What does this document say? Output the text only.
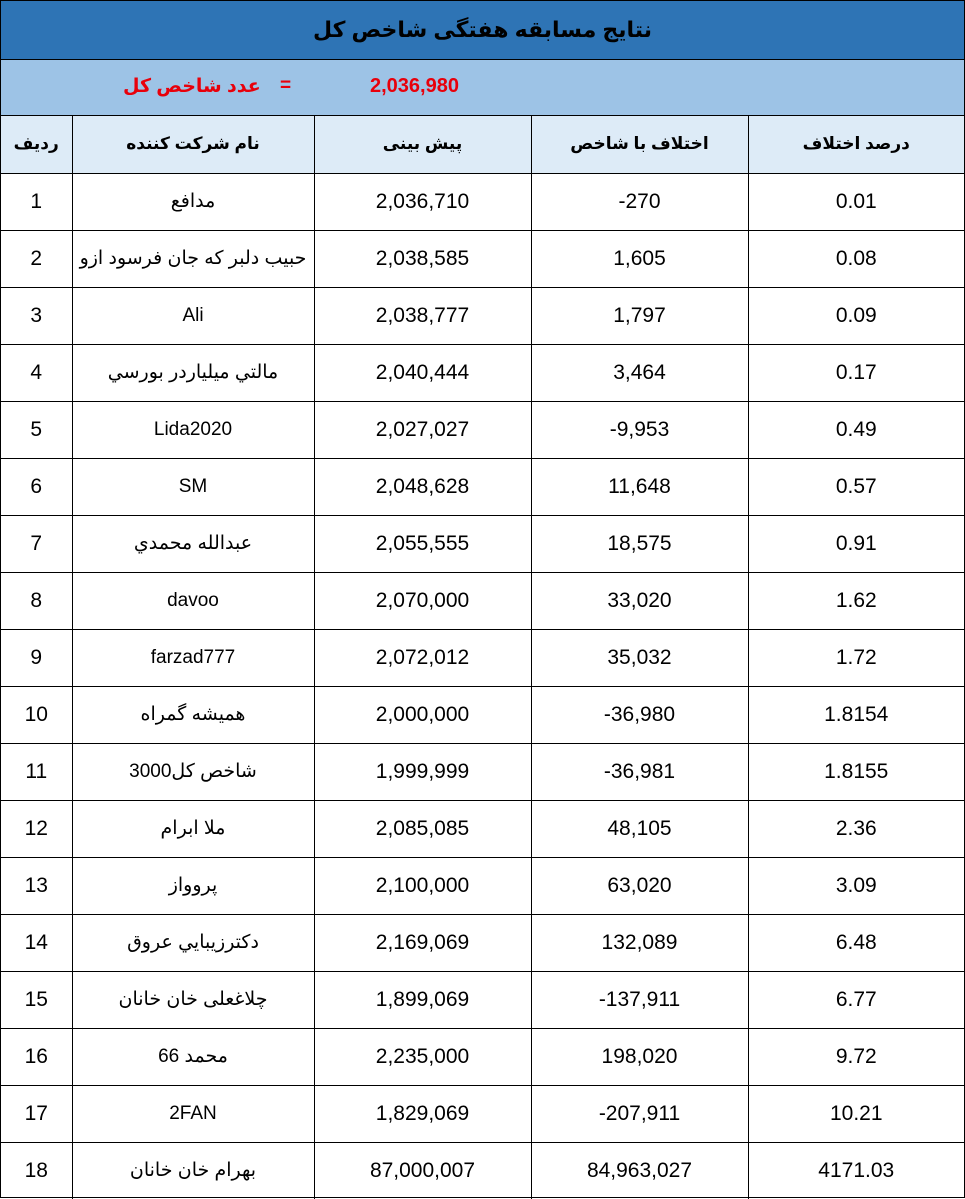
نتایج مسابقه هفتگی شاخص کل
عدد شاخص کل =	2,036,980
ردیف	نام شرکت کننده	پیش بینی	اختلاف با شاخص	درصد اختلاف
1	مدافع	2,036,710	-270	0.01
2	حبيب دلبر كه جان فرسود ازو	2,038,585	1,605	0.08
3	Ali	2,038,777	1,797	0.09
4	مالتي ميلياردر بورسي	2,040,444	3,464	0.17
5	Lida2020	2,027,027	-9,953	0.49
6	SM	2,048,628	11,648	0.57
7	عبدالله محمدي	2,055,555	18,575	0.91
8	davoo	2,070,000	33,020	1.62
9	farzad777	2,072,012	35,032	1.72
10	همیشه گمراه	2,000,000	-36,980	1.8154
11	شاخص کل3000	1,999,999	-36,981	1.8155
12	ملا ابرام	2,085,085	48,105	2.36
13	پروواز	2,100,000	63,020	3.09
14	دكترزيبايي عروق	2,169,069	132,089	6.48
15	چلاغعلی خان خانان	1,899,069	-137,911	6.77
16	محمد 66	2,235,000	198,020	9.72
17	2FAN	1,829,069	-207,911	10.21
18	بهرام خان خانان	87,000,007	84,963,027	4171.03
